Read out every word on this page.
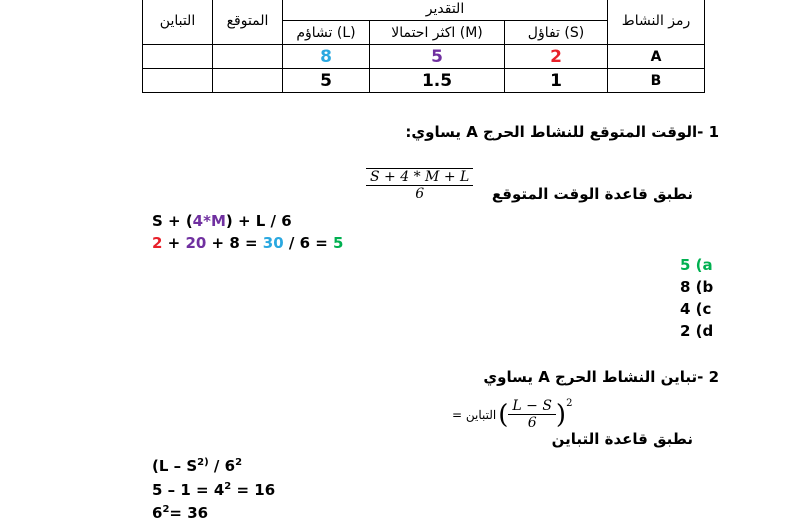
التباين	المتوقع	التقدير			رمز النشاط
		تشاؤم (L)	اكثر احتمالا (M)	تفاؤل (S)	
		8	5	2	A
		5	1.5	1	B
1 -الوقت المتوقع للنشاط الحرج A يساوي:
$\frac{S + 4 * M + L}{6}$ نطبق قاعدة الوقت المتوقع
S + (4*M) + L / 6
2 + 20 + 8 = 30 / 6 = 5
5 (a
8 (b
4 (c
2 (d
2 -تباين النشاط الحرج A يساوي
التباين = ( $\frac{L - S}{6} )^2$
نطبق قاعدة التباين
($L - S^{2)} / 6^2$
$5 - 1 = 4^2 = 16$
$6^2= 36$
